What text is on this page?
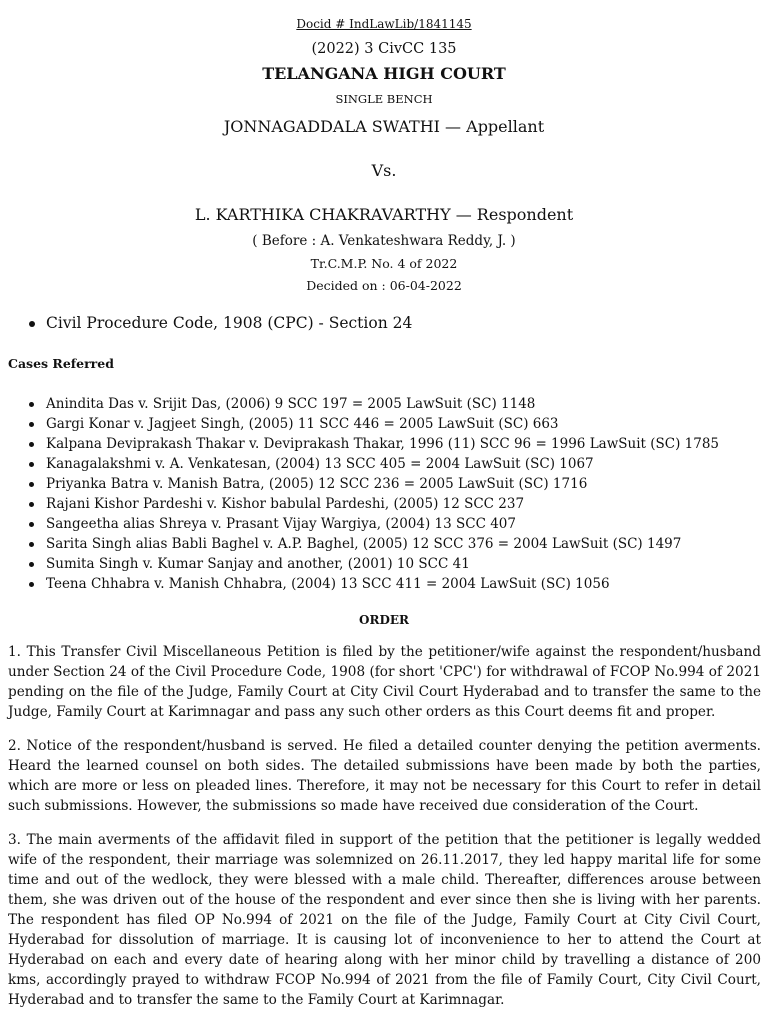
Docid # IndLawLib/1841145
(2022) 3 CivCC 135
TELANGANA HIGH COURT
SINGLE BENCH
JONNAGADDALA SWATHI — Appellant
Vs.
L. KARTHIKA CHAKRAVARTHY — Respondent
( Before : A. Venkateshwara Reddy, J. )
Tr.C.M.P. No. 4 of 2022
Decided on : 06-04-2022
Civil Procedure Code, 1908 (CPC) - Section 24
Cases Referred
Anindita Das v. Srijit Das, (2006) 9 SCC 197 = 2005 LawSuit (SC) 1148
Gargi Konar v. Jagjeet Singh, (2005) 11 SCC 446 = 2005 LawSuit (SC) 663
Kalpana Deviprakash Thakar v. Deviprakash Thakar, 1996 (11) SCC 96 = 1996 LawSuit (SC) 1785
Kanagalakshmi v. A. Venkatesan, (2004) 13 SCC 405 = 2004 LawSuit (SC) 1067
Priyanka Batra v. Manish Batra, (2005) 12 SCC 236 = 2005 LawSuit (SC) 1716
Rajani Kishor Pardeshi v. Kishor babulal Pardeshi, (2005) 12 SCC 237
Sangeetha alias Shreya v. Prasant Vijay Wargiya, (2004) 13 SCC 407
Sarita Singh alias Babli Baghel v. A.P. Baghel, (2005) 12 SCC 376 = 2004 LawSuit (SC) 1497
Sumita Singh v. Kumar Sanjay and another, (2001) 10 SCC 41
Teena Chhabra v. Manish Chhabra, (2004) 13 SCC 411 = 2004 LawSuit (SC) 1056
ORDER

1. This Transfer Civil Miscellaneous Petition is filed by the petitioner/wife against the respondent/husband under Section 24 of the Civil Procedure Code, 1908 (for short 'CPC') for withdrawal of FCOP No.994 of 2021 pending on the file of the Judge, Family Court at City Civil Court Hyderabad and to transfer the same to the Judge, Family Court at Karimnagar and pass any such other orders as this Court deems fit and proper.

2. Notice of the respondent/husband is served. He filed a detailed counter denying the petition averments. Heard the learned counsel on both sides. The detailed submissions have been made by both the parties, which are more or less on pleaded lines. Therefore, it may not be necessary for this Court to refer in detail such submissions. However, the submissions so made have received due consideration of the Court.

3. The main averments of the affidavit filed in support of the petition that the petitioner is legally wedded wife of the respondent, their marriage was solemnized on 26.11.2017, they led happy marital life for some time and out of the wedlock, they were blessed with a male child. Thereafter, differences arouse between them, she was driven out of the house of the respondent and ever since then she is living with her parents. The respondent has filed OP No.994 of 2021 on the file of the Judge, Family Court at City Civil Court, Hyderabad for dissolution of marriage. It is causing lot of inconvenience to her to attend the Court at Hyderabad on each and every date of hearing along with her minor child by travelling a distance of 200 kms, accordingly prayed to withdraw FCOP No.994 of 2021 from the file of Family Court, City Civil Court, Hyderabad and to transfer the same to the Family Court at Karimnagar.
